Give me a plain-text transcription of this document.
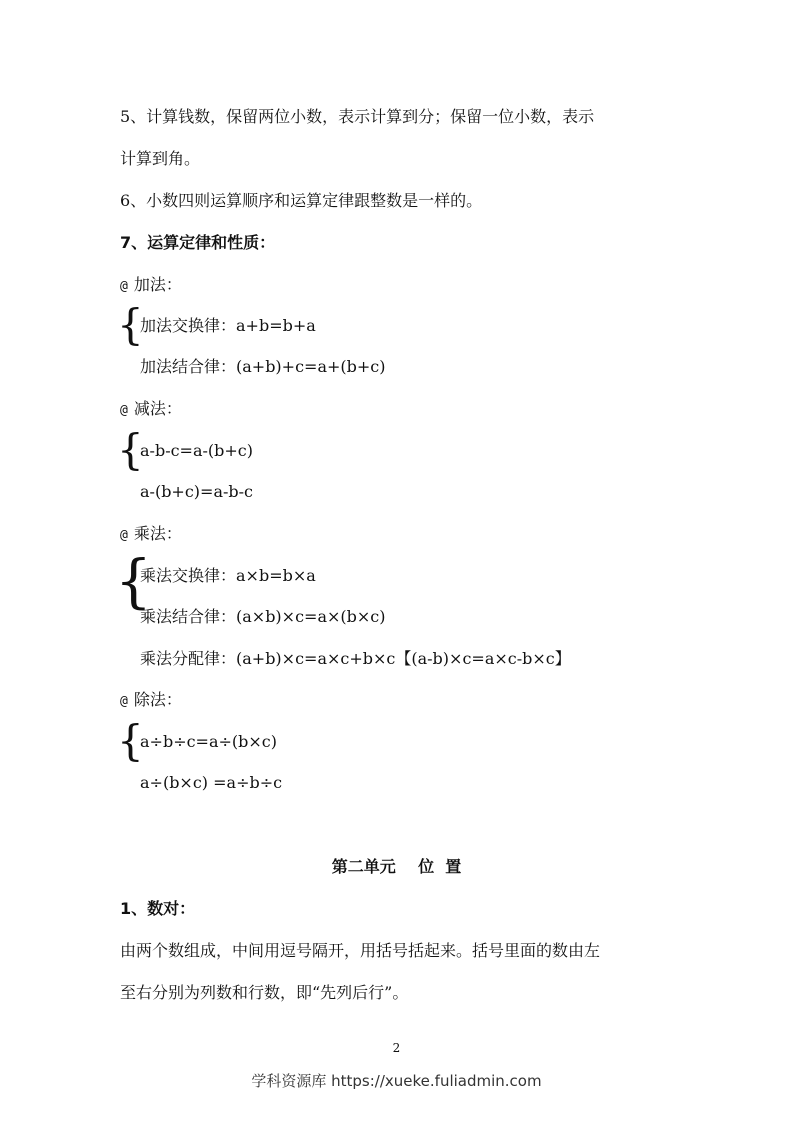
5、计算钱数，保留两位小数，表示计算到分；保留一位小数，表示
计算到角。
6、小数四则运算顺序和运算定律跟整数是一样的。
7、运算定律和性质：
@ 加法：
{
加法交换律：a+b=b+a
加法结合律：(a+b)+c=a+(b+c)
@ 减法：
{
a-b-c=a-(b+c)
a-(b+c)=a-b-c
@ 乘法：
{
乘法交换律：a×b=b×a
乘法结合律：(a×b)×c=a×(b×c)
乘法分配律：(a+b)×c=a×c+b×c【(a-b)×c=a×c-b×c】
@ 除法：
{
a÷b÷c=a÷(b×c)
a÷(b×c) =a÷b÷c
第二单元    位  置
1、数对：
由两个数组成，中间用逗号隔开，用括号括起来。括号里面的数由左
至右分别为列数和行数，即“先列后行”。
2
学科资源库 https://xueke.fuliadmin.com
